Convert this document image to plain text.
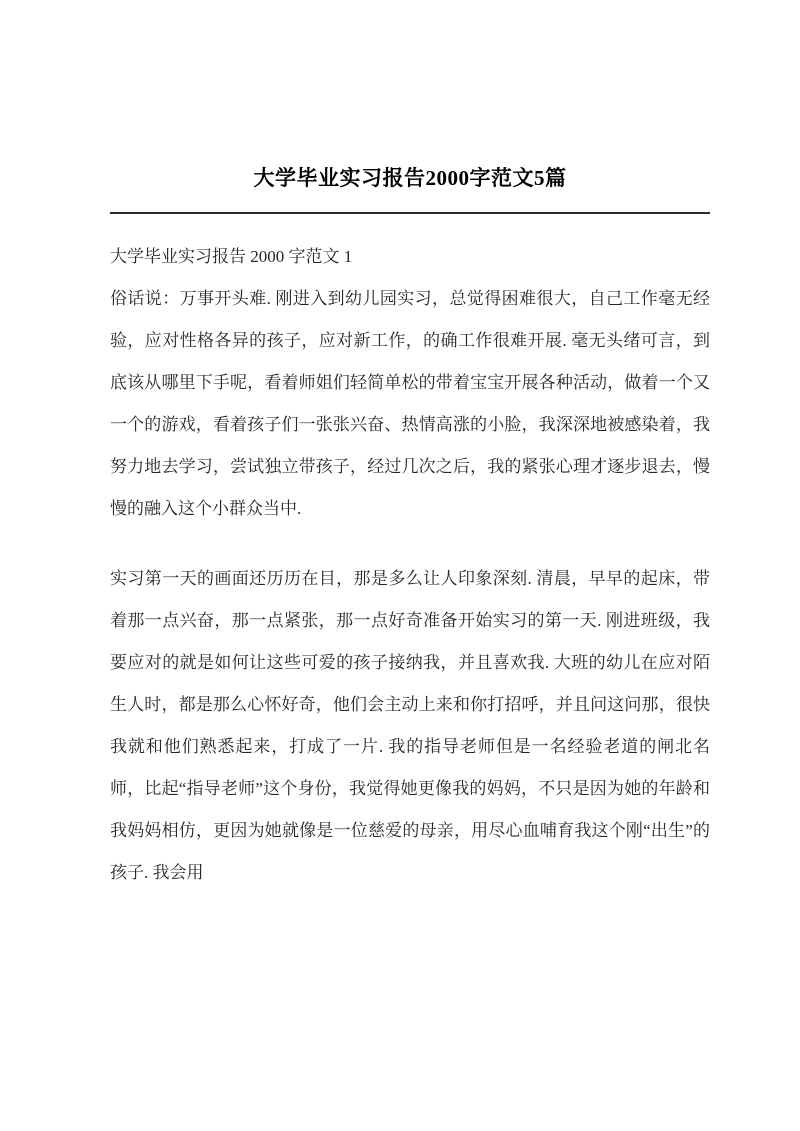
大学毕业实习报告2000字范文5篇

大学毕业实习报告 2000 字范文 1

俗话说：万事开头难. 刚进入到幼儿园实习，总觉得困难很大，自己工作毫无经验，应对性格各异的孩子，应对新工作，的确工作很难开展. 毫无头绪可言，到底该从哪里下手呢，看着师姐们轻简单松的带着宝宝开展各种活动，做着一个又一个的游戏，看着孩子们一张张兴奋、热情高涨的小脸，我深深地被感染着，我努力地去学习，尝试独立带孩子，经过几次之后，我的紧张心理才逐步退去，慢慢的融入这个小群众当中.

实习第一天的画面还历历在目，那是多么让人印象深刻. 清晨，早早的起床，带着那一点兴奋，那一点紧张，那一点好奇准备开始实习的第一天. 刚进班级，我要应对的就是如何让这些可爱的孩子接纳我，并且喜欢我. 大班的幼儿在应对陌生人时，都是那么心怀好奇，他们会主动上来和你打招呼，并且问这问那，很快我就和他们熟悉起来，打成了一片. 我的指导老师但是一名经验老道的闸北名师，比起“指导老师”这个身份，我觉得她更像我的妈妈，不只是因为她的年龄和我妈妈相仿，更因为她就像是一位慈爱的母亲，用尽心血哺育我这个刚“出生”的孩子. 我会用
